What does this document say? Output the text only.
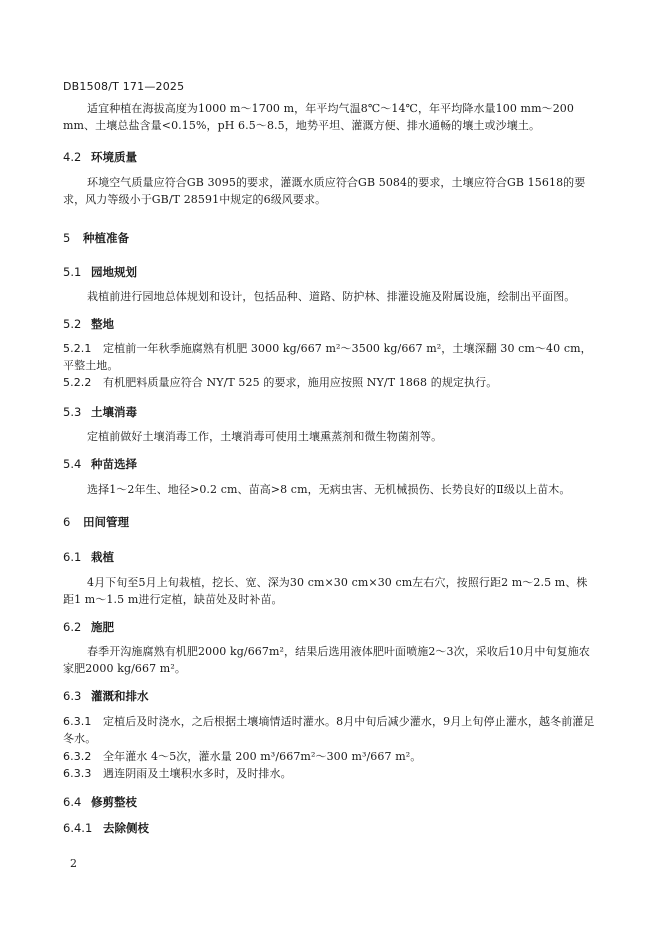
DB1508/T 171—2025

适宜种植在海拔高度为1000 m～1700 m，年平均气温8℃～14℃，年平均降水量100 mm～200 mm、土壤总盐含量<0.15%，pH 6.5～8.5，地势平坦、灌溉方便、排水通畅的壤土或沙壤土。

4.2 环境质量

环境空气质量应符合GB 3095的要求，灌溉水质应符合GB 5084的要求，土壤应符合GB 15618的要求，风力等级小于GB/T 28591中规定的6级风要求。

5 种植准备
5.1 园地规划

栽植前进行园地总体规划和设计，包括品种、道路、防护林、排灌设施及附属设施，绘制出平面图。

5.2 整地
5.2.1 定植前一年秋季施腐熟有机肥 3000 kg/667 m²～3500 kg/667 m²，土壤深翻 30 cm～40 cm，平整土地。
5.2.2 有机肥料质量应符合 NY/T 525 的要求，施用应按照 NY/T 1868 的规定执行。
5.3 土壤消毒

定植前做好土壤消毒工作，土壤消毒可使用土壤熏蒸剂和微生物菌剂等。

5.4 种苗选择

选择1～2年生、地径>0.2 cm、苗高>8 cm，无病虫害、无机械损伤、长势良好的Ⅱ级以上苗木。

6 田间管理
6.1 栽植

4月下旬至5月上旬栽植，挖长、宽、深为30 cm×30 cm×30 cm左右穴，按照行距2 m～2.5 m、株距1 m～1.5 m进行定植，缺苗处及时补苗。

6.2 施肥

春季开沟施腐熟有机肥2000 kg/667m²，结果后选用液体肥叶面喷施2～3次，采收后10月中旬复施农家肥2000 kg/667 m²。

6.3 灌溉和排水
6.3.1 定植后及时浇水，之后根据土壤墒情适时灌水。8月中旬后减少灌水，9月上旬停止灌水，越冬前灌足冬水。
6.3.2 全年灌水 4～5次，灌水量 200 m³/667m²～300 m³/667 m²。
6.3.3 遇连阴雨及土壤积水多时，及时排水。
6.4 修剪整枝
6.4.1 去除侧枝
2
